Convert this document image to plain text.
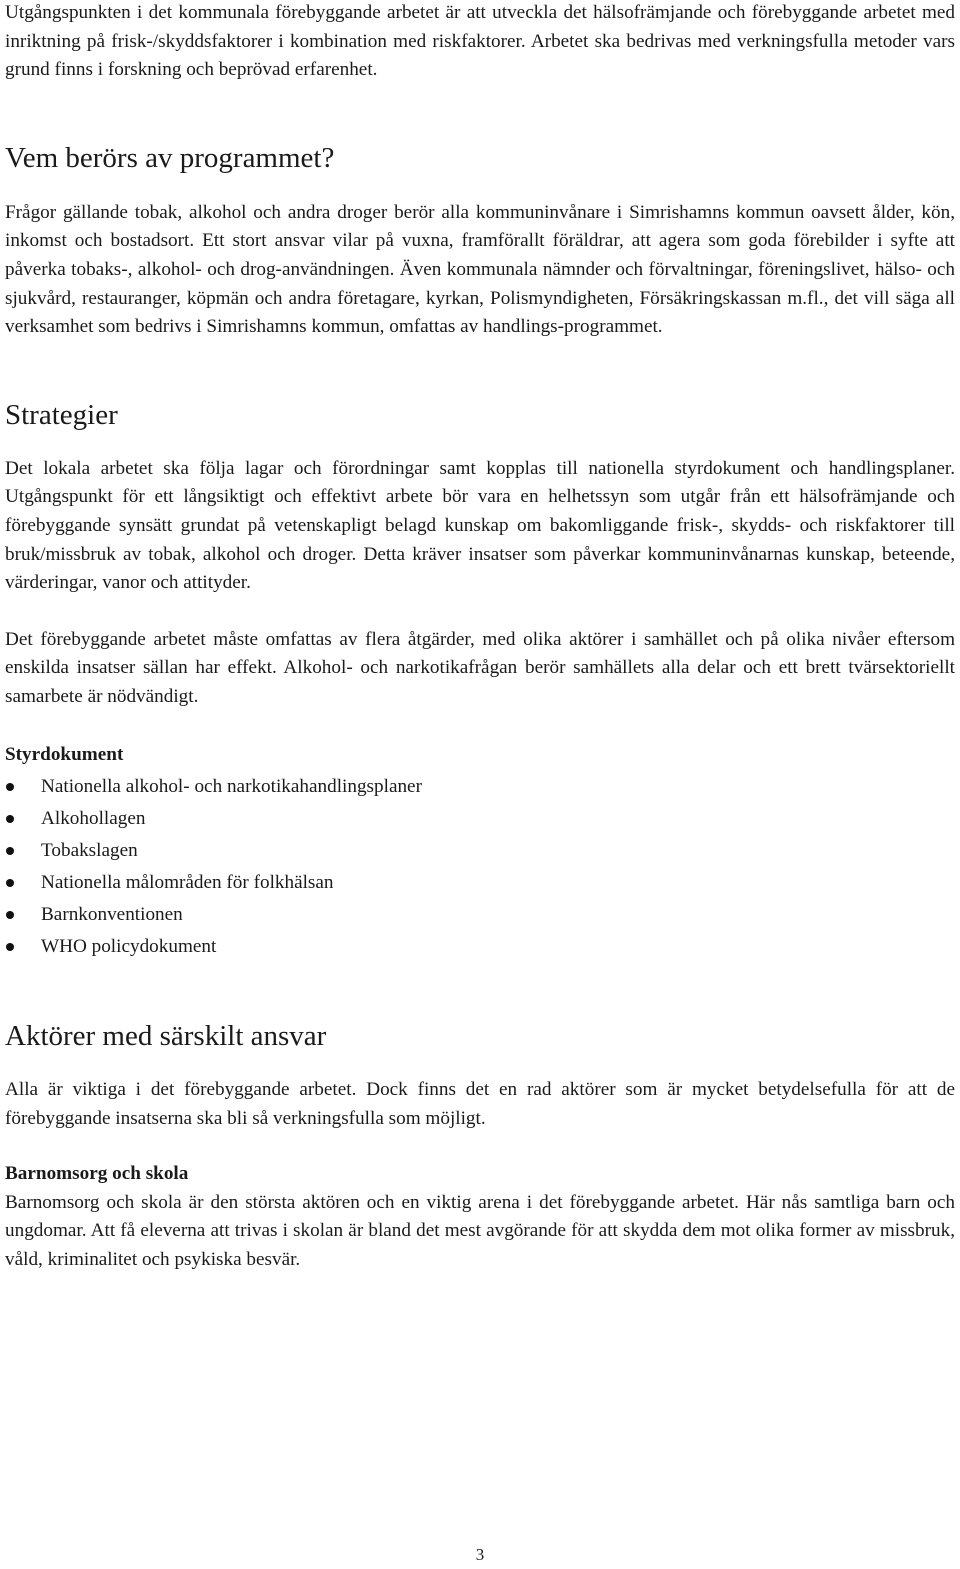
Utgångspunkten i det kommunala förebyggande arbetet är att utveckla det hälsofrämjande och förebyggande arbetet med inriktning på frisk-/skyddsfaktorer i kombination med riskfaktorer. Arbetet ska bedrivas med verkningsfulla metoder vars grund finns i forskning och beprövad erfarenhet.

Vem berörs av programmet?

Frågor gällande tobak, alkohol och andra droger berör alla kommuninvånare i Simrishamns kommun oavsett ålder, kön, inkomst och bostadsort. Ett stort ansvar vilar på vuxna, framförallt föräldrar, att agera som goda förebilder i syfte att påverka tobaks-, alkohol- och drog-användningen. Även kommunala nämnder och förvaltningar, föreningslivet, hälso- och sjukvård, restauranger, köpmän och andra företagare, kyrkan, Polismyndigheten, Försäkringskassan m.fl., det vill säga all verksamhet som bedrivs i Simrishamns kommun, omfattas av handlings-programmet.

Strategier

Det lokala arbetet ska följa lagar och förordningar samt kopplas till nationella styrdokument och handlingsplaner. Utgångspunkt för ett långsiktigt och effektivt arbete bör vara en helhetssyn som utgår från ett hälsofrämjande och förebyggande synsätt grundat på vetenskapligt belagd kunskap om bakomliggande frisk-, skydds- och riskfaktorer till bruk/missbruk av tobak, alkohol och droger. Detta kräver insatser som påverkar kommuninvånarnas kunskap, beteende, värderingar, vanor och attityder.

Det förebyggande arbetet måste omfattas av flera åtgärder, med olika aktörer i samhället och på olika nivåer eftersom enskilda insatser sällan har effekt. Alkohol- och narkotikafrågan berör samhällets alla delar och ett brett tvärsektoriellt samarbete är nödvändigt.

Styrdokument
Nationella alkohol- och narkotikahandlingsplaner
Alkohollagen
Tobakslagen
Nationella målområden för folkhälsan
Barnkonventionen
WHO policydokument
Aktörer med särskilt ansvar

Alla är viktiga i det förebyggande arbetet. Dock finns det en rad aktörer som är mycket betydelsefulla för att de förebyggande insatserna ska bli så verkningsfulla som möjligt.

Barnomsorg och skola

Barnomsorg och skola är den största aktören och en viktig arena i det förebyggande arbetet. Här nås samtliga barn och ungdomar. Att få eleverna att trivas i skolan är bland det mest avgörande för att skydda dem mot olika former av missbruk, våld, kriminalitet och psykiska besvär.

3
